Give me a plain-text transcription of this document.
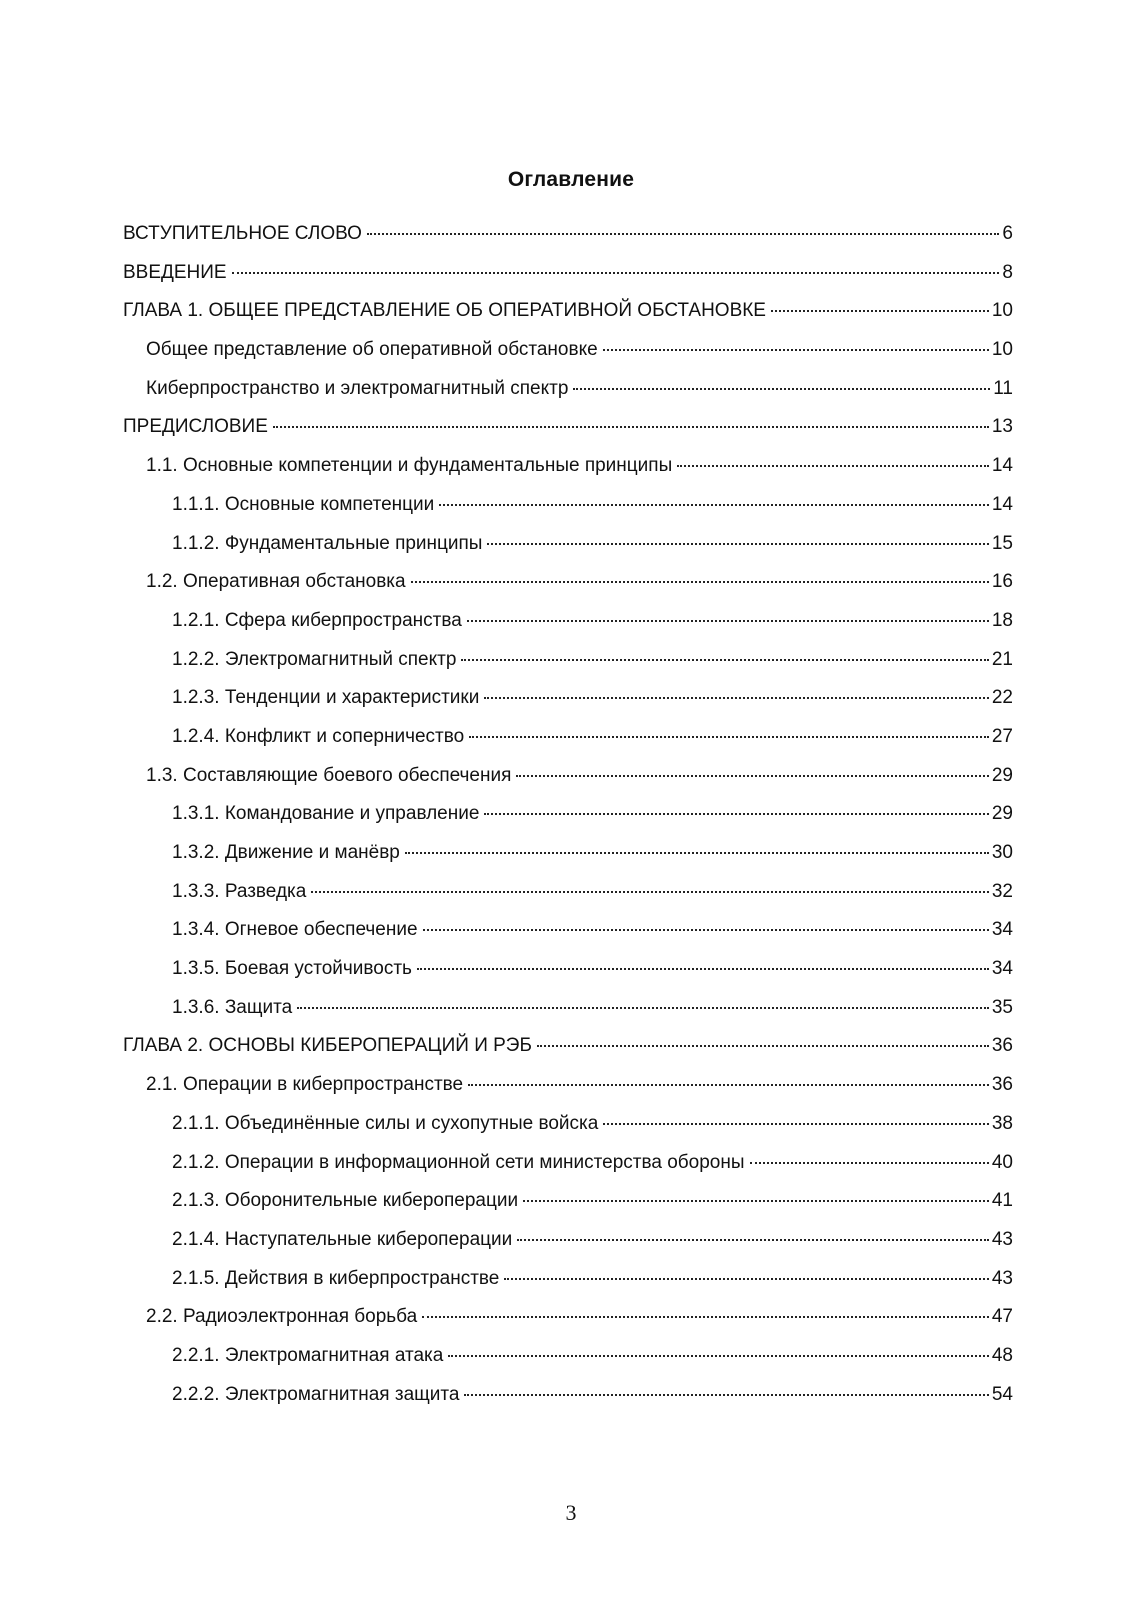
Оглавление
ВСТУПИТЕЛЬНОЕ СЛОВО	6
ВВЕДЕНИЕ	8
ГЛАВА 1. ОБЩЕЕ ПРЕДСТАВЛЕНИЕ ОБ ОПЕРАТИВНОЙ ОБСТАНОВКЕ	10
Общее представление об оперативной обстановке	10
Киберпространство и электромагнитный спектр	11
ПРЕДИСЛОВИЕ	13
1.1. Основные компетенции и фундаментальные принципы	14
1.1.1. Основные компетенции	14
1.1.2. Фундаментальные принципы	15
1.2. Оперативная обстановка	16
1.2.1. Сфера киберпространства	18
1.2.2. Электромагнитный спектр	21
1.2.3. Тенденции и характеристики	22
1.2.4. Конфликт и соперничество	27
1.3. Составляющие боевого обеспечения	29
1.3.1. Командование и управление	29
1.3.2. Движение и манёвр	30
1.3.3. Разведка	32
1.3.4. Огневое обеспечение	34
1.3.5. Боевая устойчивость	34
1.3.6. Защита	35
ГЛАВА 2. ОСНОВЫ КИБЕРОПЕРАЦИЙ И РЭБ	36
2.1. Операции в киберпространстве	36
2.1.1. Объединённые силы и сухопутные войска	38
2.1.2. Операции в информационной сети министерства обороны	40
2.1.3. Оборонительные кибероперации	41
2.1.4. Наступательные кибероперации	43
2.1.5. Действия в киберпространстве	43
2.2. Радиоэлектронная борьба	47
2.2.1. Электромагнитная атака	48
2.2.2. Электромагнитная защита	54
3
